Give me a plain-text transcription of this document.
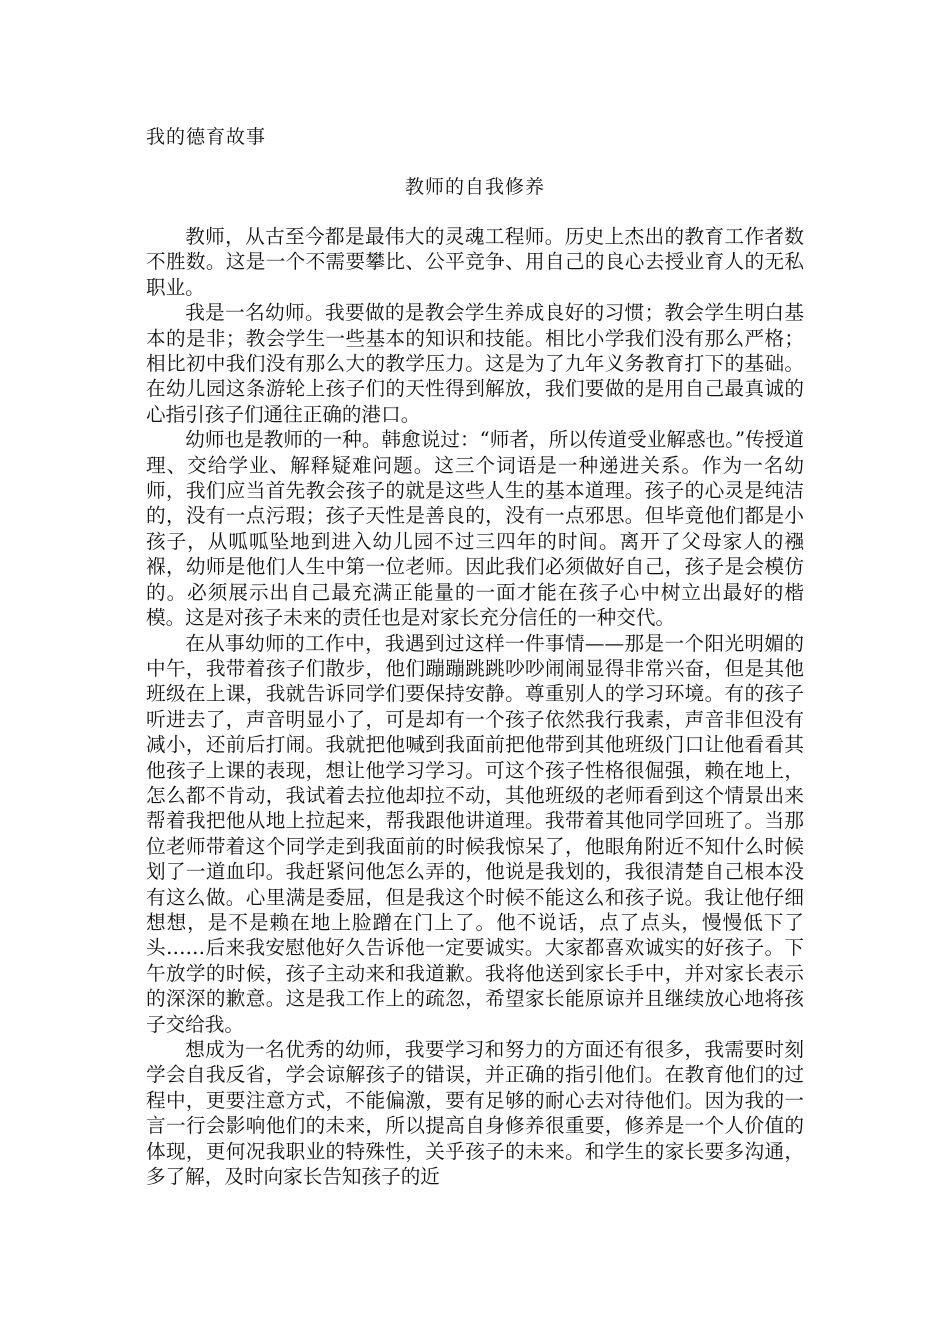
我的德育故事
教师的自我修养

教师，从古至今都是最伟大的灵魂工程师。历史上杰出的教育工作者数不胜数。这是一个不需要攀比、公平竞争、用自己的良心去授业育人的无私职业。

我是一名幼师。我要做的是教会学生养成良好的习惯；教会学生明白基本的是非；教会学生一些基本的知识和技能。相比小学我们没有那么严格；相比初中我们没有那么大的教学压力。这是为了九年义务教育打下的基础。在幼儿园这条游轮上孩子们的天性得到解放，我们要做的是用自己最真诚的心指引孩子们通往正确的港口。

幼师也是教师的一种。韩愈说过：“师者，所以传道受业解惑也。”传授道理、交给学业、解释疑难问题。这三个词语是一种递进关系。作为一名幼师，我们应当首先教会孩子的就是这些人生的基本道理。孩子的心灵是纯洁的，没有一点污瑕；孩子天性是善良的，没有一点邪思。但毕竟他们都是小孩子，从呱呱坠地到进入幼儿园不过三四年的时间。离开了父母家人的襁褓，幼师是他们人生中第一位老师。因此我们必须做好自己，孩子是会模仿的。必须展示出自己最充满正能量的一面才能在孩子心中树立出最好的楷模。这是对孩子未来的责任也是对家长充分信任的一种交代。

在从事幼师的工作中，我遇到过这样一件事情——那是一个阳光明媚的中午，我带着孩子们散步，他们蹦蹦跳跳吵吵闹闹显得非常兴奋，但是其他班级在上课，我就告诉同学们要保持安静。尊重别人的学习环境。有的孩子听进去了，声音明显小了，可是却有一个孩子依然我行我素，声音非但没有减小，还前后打闹。我就把他喊到我面前把他带到其他班级门口让他看看其他孩子上课的表现，想让他学习学习。可这个孩子性格很倔强，赖在地上，怎么都不肯动，我试着去拉他却拉不动，其他班级的老师看到这个情景出来帮着我把他从地上拉起来，帮我跟他讲道理。我带着其他同学回班了。当那位老师带着这个同学走到我面前的时候我惊呆了，他眼角附近不知什么时候划了一道血印。我赶紧问他怎么弄的，他说是我划的，我很清楚自己根本没有这么做。心里满是委屈，但是我这个时候不能这么和孩子说。我让他仔细想想，是不是赖在地上脸蹭在门上了。他不说话，点了点头，慢慢低下了头……后来我安慰他好久告诉他一定要诚实。大家都喜欢诚实的好孩子。下午放学的时候，孩子主动来和我道歉。我将他送到家长手中，并对家长表示的深深的歉意。这是我工作上的疏忽，希望家长能原谅并且继续放心地将孩子交给我。

想成为一名优秀的幼师，我要学习和努力的方面还有很多，我需要时刻学会自我反省，学会谅解孩子的错误，并正确的指引他们。在教育他们的过程中，更要注意方式，不能偏激，要有足够的耐心去对待他们。因为我的一言一行会影响他们的未来，所以提高自身修养很重要，修养是一个人价值的体现，更何况我职业的特殊性，关乎孩子的未来。和学生的家长要多沟通，多了解，及时向家长告知孩子的近
